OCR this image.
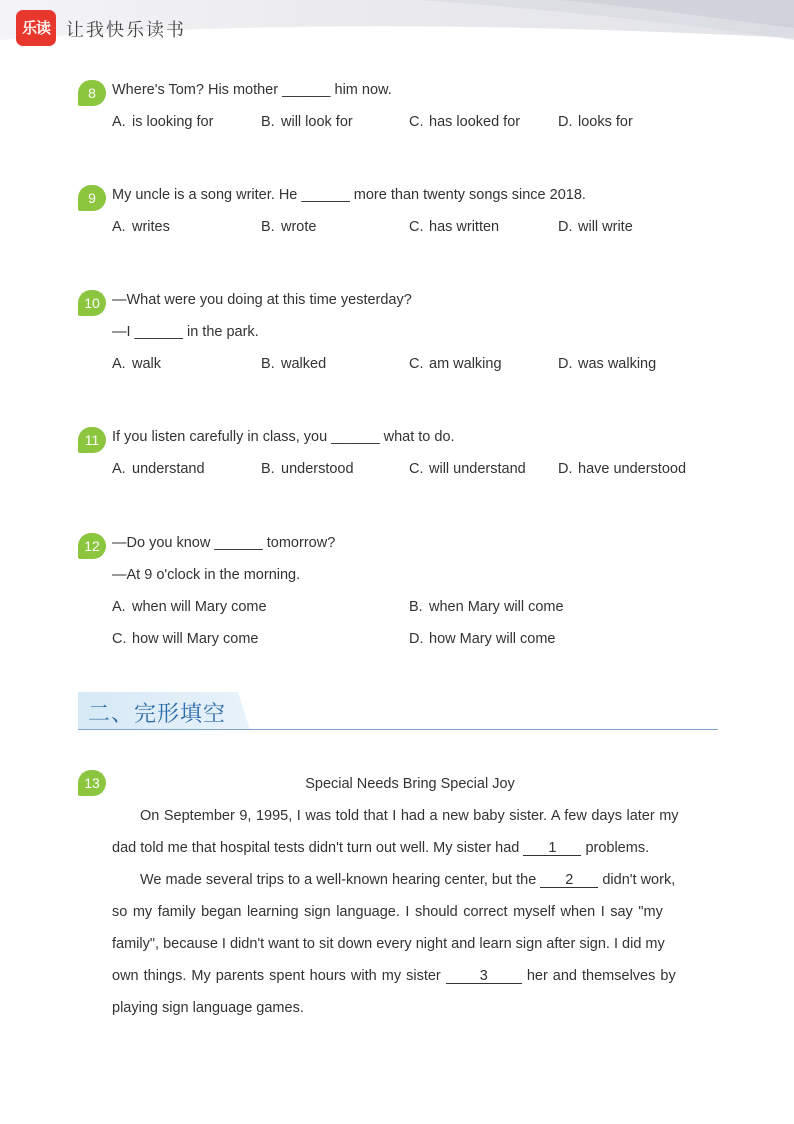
乐读 让我快乐读书
8	Where's Tom? His mother ______ him now.
A. is looking for	B. will look for	C. has looked for	D. looks for
9	My uncle is a song writer. He ______ more than twenty songs since 2018.
A. writes	B. wrote	C. has written	D. will write
10 —What were you doing at this time yesterday?
—I ______ in the park.
A. walk	B. walked	C. am walking	D. was walking
11 If you listen carefully in class, you ______ what to do.
A. understand	B. understood	C. will understand D. have understood
12 —Do you know ______ tomorrow?
—At 9 o'clock in the morning.
A. when will Mary come	B. when Mary will come
C. how will Mary come	D. how Mary will come
二、完形填空
13	Special Needs Bring Special Joy
On September 9, 1995, I was told that I had a new baby sister. A few days later my
dad told me that hospital tests didn't turn out well. My sister had 1 problems.
We made several trips to a well-known hearing center, but the 2 didn't work,
so my family began learning sign language. I should correct myself when I say "my
family", because I didn't want to sit down every night and learn sign after sign. I did my
own things. My parents spent hours with my sister	3	her and themselves by
playing sign language games.
